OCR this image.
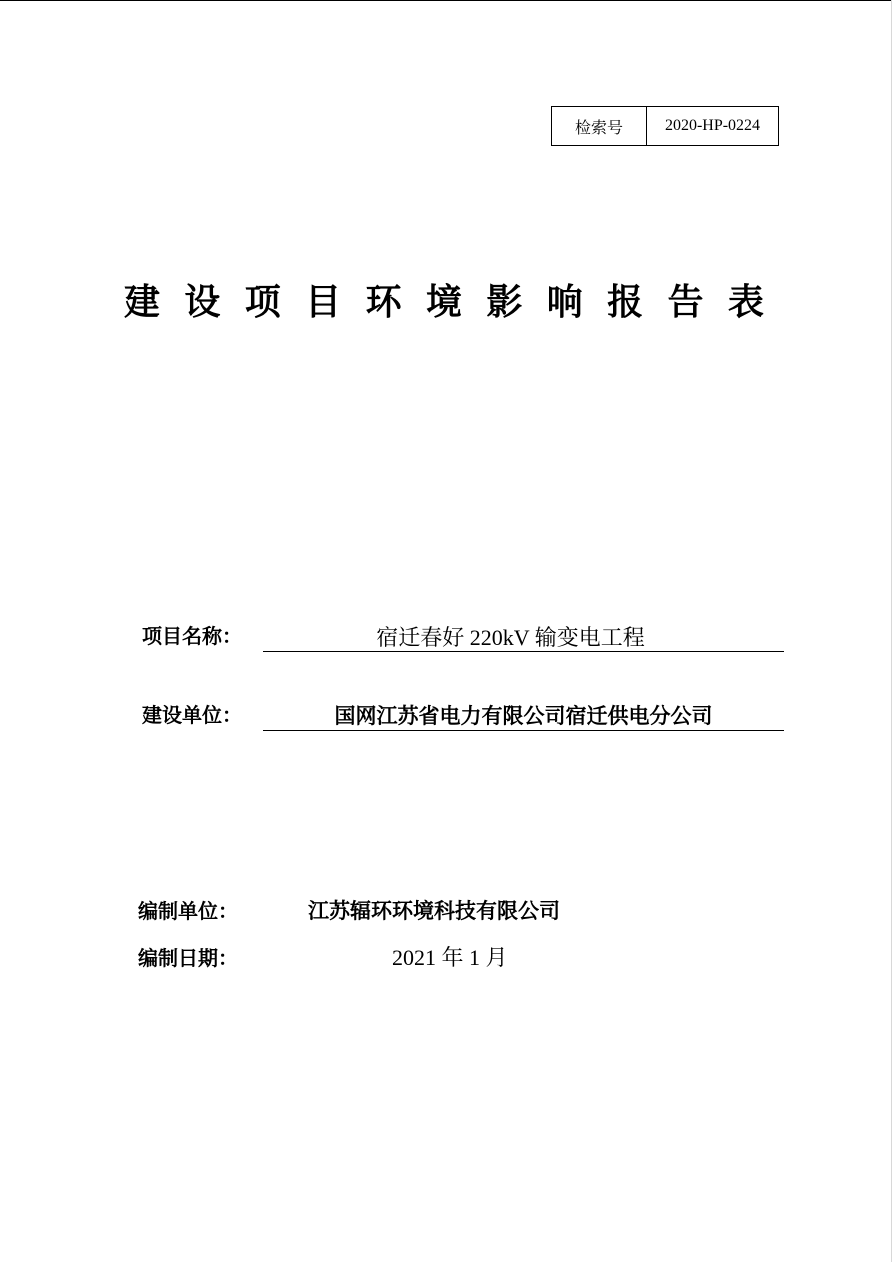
检索号	2020-HP-0224
建 设 项 目 环 境 影 响 报 告 表
项目名称：	宿迁春好 220kV 输变电工程
建设单位：	国网江苏省电力有限公司宿迁供电分公司
编制单位：	江苏辐环环境科技有限公司
编制日期：	2021 年 1 月
